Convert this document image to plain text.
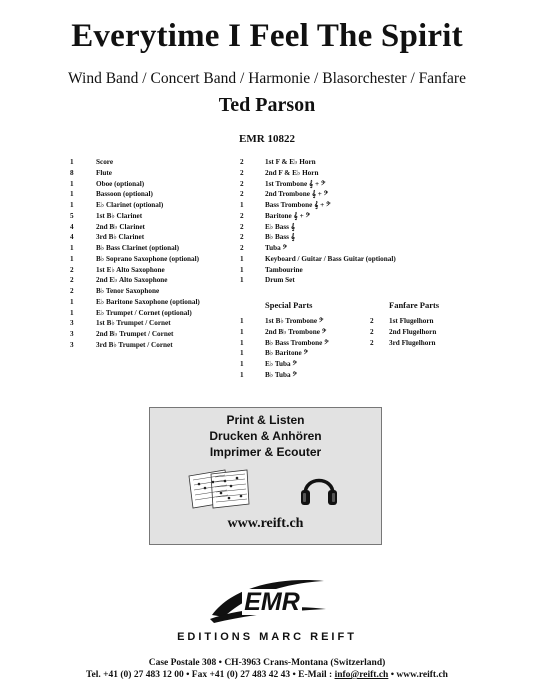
Everytime I Feel The Spirit
Wind Band / Concert Band / Harmonie / Blasorchester / Fanfare
Ted Parson
EMR 10822
1	Score
8	Flute
1	Oboe (optional)
1	Bassoon (optional)
1	E♭ Clarinet (optional)
5	1st B♭ Clarinet
4	2nd B♭ Clarinet
4	3rd B♭ Clarinet
1	B♭ Bass Clarinet (optional)
1	B♭ Soprano Saxophone (optional)
2	1st E♭ Alto Saxophone
2	2nd E♭ Alto Saxophone
2	B♭ Tenor Saxophone
1	E♭ Baritone Saxophone (optional)
1	E♭ Trumpet / Cornet (optional)
3	1st B♭ Trumpet / Cornet
3	2nd B♭ Trumpet / Cornet
3	3rd B♭ Trumpet / Cornet
2	1st F & E♭ Horn
2	2nd F & E♭ Horn
2	1st Trombone 𝄞 + 𝄢
2	2nd Trombone 𝄞 + 𝄢
1	Bass Trombone 𝄞 + 𝄢
2	Baritone 𝄞 + 𝄢
2	E♭ Bass 𝄞
2	B♭ Bass 𝄞
2	Tuba 𝄢
1	Keyboard / Guitar / Bass Guitar (optional)
1	Tambourine
1	Drum Set
Special Parts	Fanfare Parts
1	1st B♭ Trombone 𝄢
1	2nd B♭ Trombone 𝄢
1	B♭ Bass Trombone 𝄢
1	B♭ Baritone 𝄢
1	E♭ Tuba 𝄢
1	B♭ Tuba 𝄢
2	1st Flugelhorn
2	2nd Flugelhorn
2	3rd Flugelhorn
Print & Listen
Drucken & Anhören
Imprimer & Ecouter
www.reift.ch
EMR
EDITIONS MARC REIFT
Case Postale 308 • CH-3963 Crans-Montana (Switzerland)
Tel. +41 (0) 27 483 12 00 • Fax +41 (0) 27 483 42 43 • E-Mail : info@reift.ch • www.reift.ch
